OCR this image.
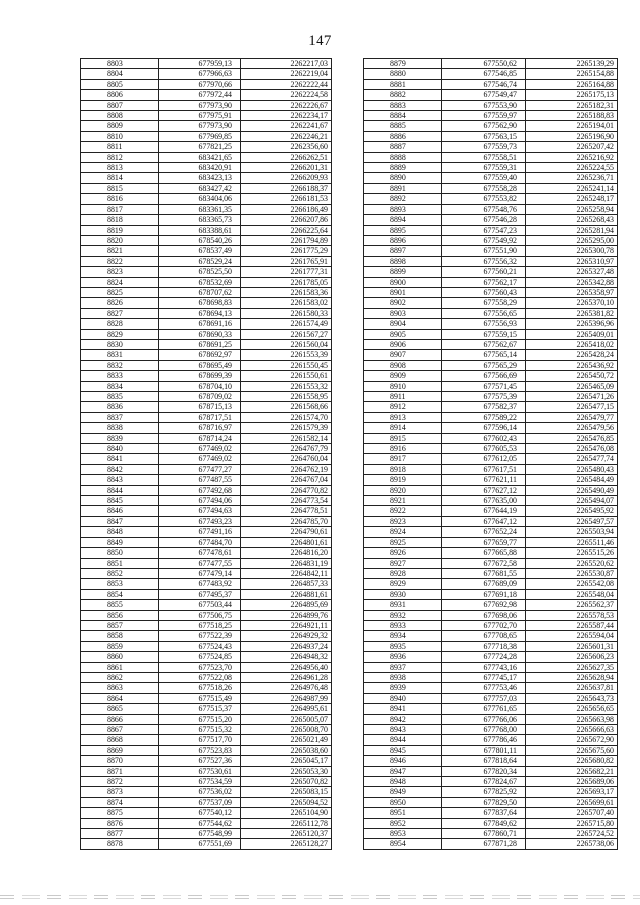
147
8803	677959,13	2262217,03
8804	677966,63	2262219,04
8805	677970,66	2262222,44
8806	677972,44	2262224,58
8807	677973,90	2262226,67
8808	677975,91	2262234,17
8809	677973,90	2262241,67
8810	677969,85	2262246,21
8811	677821,25	2262356,60
8812	683421,65	2266262,51
8813	683420,91	2266201,31
8814	683423,13	2266209,93
8815	683427,42	2266188,37
8816	683404,06	2266181,53
8817	683361,35	2266186,49
8818	683365,73	2266207,86
8819	683388,61	2266225,64
8820	678540,26	2261794,89
8821	678537,49	2261775,29
8822	678529,24	2261765,91
8823	678525,50	2261777,31
8824	678532,69	2261785,05
8825	678707,62	2261583,36
8826	678698,83	2261583,02
8827	678694,13	2261580,33
8828	678691,16	2261574,49
8829	678690,33	2261567,27
8830	678691,25	2261560,04
8831	678692,97	2261553,39
8832	678695,49	2261550,45
8833	678699,39	2261550,61
8834	678704,10	2261553,32
8835	678709,02	2261558,95
8836	678715,13	2261568,66
8837	678717,51	2261574,70
8838	678716,97	2261579,39
8839	678714,24	2261582,14
8840	677469,02	2264767,79
8841	677469,02	2264760,04
8842	677477,27	2264762,19
8843	677487,55	2264767,04
8844	677492,68	2264770,82
8845	677494,06	2264773,54
8846	677494,63	2264778,51
8847	677493,23	2264785,70
8848	677491,16	2264790,61
8849	677484,70	2264801,61
8850	677478,61	2264816,20
8851	677477,55	2264831,19
8852	677479,14	2264842,11
8853	677483,92	2264857,33
8854	677495,37	2264881,61
8855	677503,44	2264895,69
8856	677506,75	2264899,76
8857	677518,25	2264921,11
8858	677522,39	2264929,32
8859	677524,43	2264937,24
8860	677524,85	2264948,32
8861	677523,70	2264956,40
8862	677522,08	2264961,28
8863	677518,26	2264976,48
8864	677515,49	2264987,99
8865	677515,37	2264995,61
8866	677515,20	2265005,07
8867	677515,32	2265008,70
8868	677517,70	2265021,49
8869	677523,83	2265038,60
8870	677527,36	2265045,17
8871	677530,61	2265053,30
8872	677534,59	2265070,82
8873	677536,02	2265083,15
8874	677537,09	2265094,52
8875	677540,12	2265104,90
8876	677544,62	2265112,78
8877	677548,99	2265120,37
8878	677551,69	2265128,27
8879	677550,62	2265139,29
8880	677546,85	2265154,88
8881	677546,74	2265164,88
8882	677549,47	2265175,13
8883	677553,90	2265182,31
8884	677559,97	2265188,83
8885	677562,90	2265194,01
8886	677563,15	2265196,90
8887	677559,73	2265207,42
8888	677558,51	2265216,92
8889	677559,31	2265224,55
8890	677559,40	2265236,71
8891	677558,28	2265241,14
8892	677553,82	2265248,17
8893	677548,76	2265258,94
8894	677546,28	2265268,43
8895	677547,23	2265281,94
8896	677549,92	2265295,00
8897	677551,90	2265300,78
8898	677556,32	2265310,97
8899	677560,21	2265327,48
8900	677562,17	2265342,88
8901	677560,43	2265358,97
8902	677558,29	2265370,10
8903	677556,65	2265381,82
8904	677556,93	2265396,96
8905	677559,15	2265409,01
8906	677562,67	2265418,02
8907	677565,14	2265428,24
8908	677565,29	2265436,92
8909	677566,69	2265450,72
8910	677571,45	2265465,09
8911	677575,39	2265471,26
8912	677582,37	2265477,15
8913	677589,22	2265479,77
8914	677596,14	2265479,56
8915	677602,43	2265476,85
8916	677605,53	2265476,08
8917	677612,05	2265477,74
8918	677617,51	2265480,43
8919	677621,11	2265484,49
8920	677627,12	2265490,49
8921	677635,00	2265494,07
8922	677644,19	2265495,92
8923	677647,12	2265497,57
8924	677652,24	2265503,94
8925	677659,77	2265511,46
8926	677665,88	2265515,26
8927	677672,58	2265520,62
8928	677681,55	2265530,87
8929	677689,09	2265542,08
8930	677691,18	2265548,04
8931	677692,98	2265562,37
8932	677698,06	2265578,53
8933	677702,70	2265587,44
8934	677708,65	2265594,04
8935	677718,38	2265601,31
8936	677724,28	2265606,23
8937	677743,16	2265627,35
8938	677745,17	2265628,94
8939	677753,46	2265637,81
8940	677757,03	2265643,73
8941	677761,65	2265656,65
8942	677766,06	2265663,98
8943	677768,00	2265666,63
8944	677786,46	2265672,90
8945	677801,11	2265675,60
8946	677818,64	2265680,82
8947	677820,34	2265682,21
8948	677824,67	2265689,06
8949	677825,92	2265693,17
8950	677829,50	2265699,61
8951	677837,64	2265707,40
8952	677849,62	2265715,80
8953	677860,71	2265724,52
8954	677871,28	2265738,06
